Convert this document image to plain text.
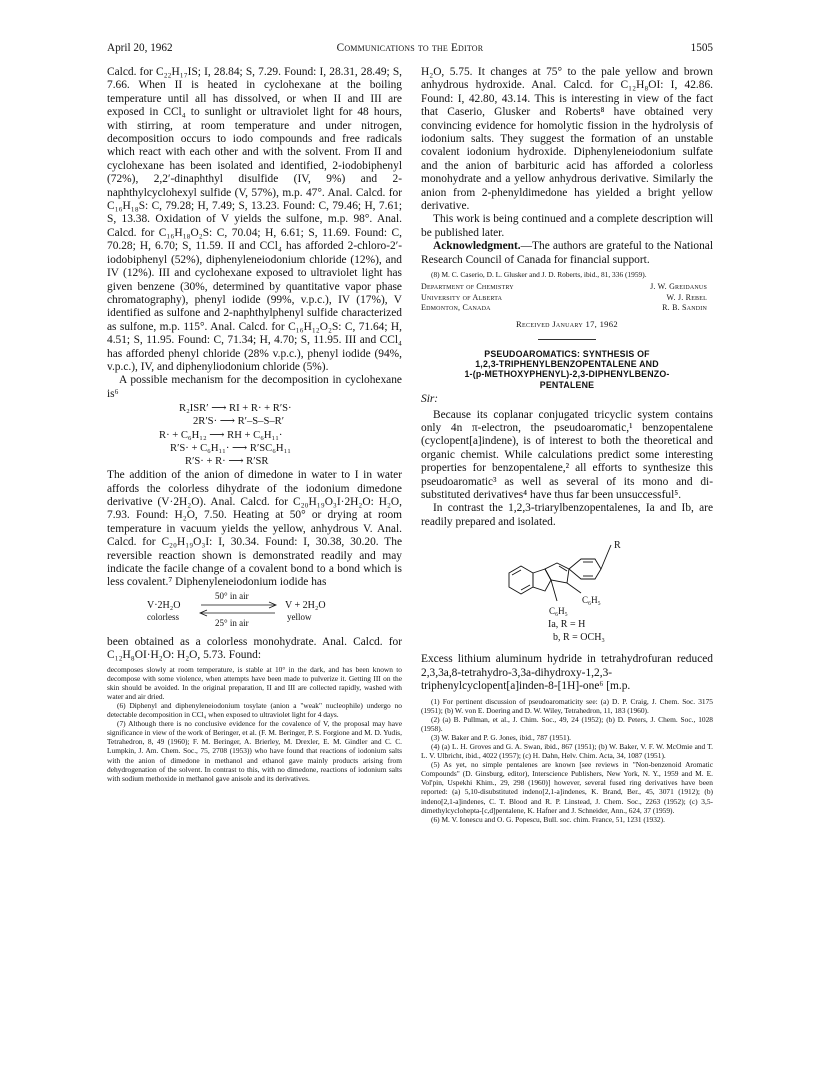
April 20, 1962	Communications to the Editor	1505

Calcd. for C₂₂H₁₇IS; I, 28.84; S, 7.29. Found: I, 28.31, 28.49; S, 7.66. When II is heated in cyclohexane at the boiling temperature until all has dissolved, or when II and III are exposed in CCl₄ to sunlight or ultraviolet light for 48 hours, with stirring, at room temperature and under nitrogen, decomposition occurs to iodo compounds and free radicals which react with each other and with the solvent. From II and cyclohexane has been isolated and identified, 2-iodobiphenyl (72%), 2,2′-dinaphthyl disulfide (IV, 9%) and 2-naphthylcyclohexyl sulfide (V, 57%), m.p. 47°. Anal. Calcd. for C₁₆H₁₈S: C, 79.28; H, 7.49; S, 13.23. Found: C, 79.46; H, 7.61; S, 13.38. Oxidation of V yields the sulfone, m.p. 98°. Anal. Calcd. for C₁₆H₁₈O₂S: C, 70.04; H, 6.61; S, 11.69. Found: C, 70.28; H, 6.70; S, 11.59. II and CCl₄ has afforded 2-chloro-2′-iodobiphenyl (52%), diphenyleneiodonium chloride (12%), and IV (12%). III and cyclohexane exposed to ultraviolet light has given benzene (30%, determined by quantitative vapor phase chromatography), phenyl iodide (99%, v.p.c.), IV (17%), V identified as sulfone and 2-naphthylphenyl sulfide characterized as sulfone, m.p. 115°. Anal. Calcd. for C₁₆H₁₂O₂S: C, 71.64; H, 4.51; S, 11.95. Found: C, 71.34; H, 4.70; S, 11.95. III and CCl₄ has afforded phenyl chloride (28% v.p.c.), phenyl iodide (94%, v.p.c.), IV, and diphenyliodonium chloride (5%).

A possible mechanism for the decomposition in cyclohexane is⁶

R₂ISR′ ⟶ RI + R· + R′S·
2R′S· ⟶ R′–S–S–R′
R· + C₆H₁₂ ⟶ RH + C₆H₁₁·
R′S· + C₆H₁₁· ⟶ R′SC₆H₁₁
R′S· + R· ⟶ R′SR

The addition of the anion of dimedone in water to I in water affords the colorless dihydrate of the iodonium dimedone derivative (V·2H₂O). Anal. Calcd. for C₂₀H₁₉O₃I·2H₂O: H₂O, 7.93. Found: H₂O, 7.50. Heating at 50° or drying at room temperature in vacuum yields the yellow, anhydrous V. Anal. Calcd. for C₂₀H₁₉O₃I: I, 30.34. Found: I, 30.38, 30.20. The reversible reaction shown is demonstrated readily and may indicate the facile change of a covalent bond to a bond which is less covalent.⁷ Diphenyleneiodonium iodide has

V·2H₂O
colorless
50° in air
25° in air
V + 2H₂O
yellow

been obtained as a colorless monohydrate. Anal. Calcd. for C₁₂H₈OI·H₂O: H₂O, 5.73. Found:

decomposes slowly at room temperature, is stable at 10° in the dark, and has been known to decompose with some violence, when attempts have been made to pulverize it. Getting III on the skin should be avoided. In the original preparation, II and III are collected rapidly, washed with water and air dried.

(6) Diphenyl and diphenyleneiodonium tosylate (anion a "weak" nucleophile) undergo no detectable decomposition in CCl₄ when exposed to ultraviolet light for 4 days.

(7) Although there is no conclusive evidence for the covalence of V, the proposal may have significance in view of the work of Beringer, et al. (F. M. Beringer, P. S. Forgione and M. D. Yudis, Tetrahedron, 8, 49 (1960); F. M. Beringer, A. Brierley, M. Drexler, E. M. Gindler and C. C. Lumpkin, J. Am. Chem. Soc., 75, 2708 (1953)) who have found that reactions of iodonium salts with the anion of dimedone in methanol and ethanol gave mainly products arising from dehydrogenation of the solvent. In contrast to this, with no dimedone, reactions of iodonium salts with sodium methoxide in methanol gave anisole and its derivatives.

H₂O, 5.75. It changes at 75° to the pale yellow and brown anhydrous hydroxide. Anal. Calcd. for C₁₂H₈OI: I, 42.86. Found: I, 42.80, 43.14. This is interesting in view of the fact that Caserio, Glusker and Roberts⁸ have obtained very convincing evidence for homolytic fission in the hydrolysis of iodonium salts. They suggest the formation of an unstable covalent iodonium hydroxide. Diphenyleneiodonium sulfate and the anion of barbituric acid has afforded a colorless monohydrate and a yellow anhydrous derivative. Similarly the anion from 2-phenyldimedone has yielded a bright yellow derivative.

This work is being continued and a complete description will be published later.

Acknowledgment.—The authors are grateful to the National Research Council of Canada for financial support.

(8) M. C. Caserio, D. L. Glusker and J. D. Roberts, ibid., 81, 336 (1959).

Department of Chemistry
University of Alberta
Edmonton, Canada
J. W. Greidanus
W. J. Rebel
R. B. Sandin
Received January 17, 1962
PSEUDOAROMATICS: SYNTHESIS OF
1,2,3-TRIPHENYLBENZOPENTALENE AND
1-(p-METHOXYPHENYL)-2,3-DIPHENYLBENZO-
PENTALENE
Sir:

Because its coplanar conjugated tricyclic system contains only 4n π-electron, the pseudoaromatic,¹ benzopentalene (cyclopent[a]indene), is of interest to both the theoretical and organic chemist. While calculations predict some interesting properties for benzopentalene,² all efforts to synthesize this pseudoaromatic³ as well as several of its mono and di-substituted derivatives⁴ have thus far been unsuccessful⁵.

In contrast the 1,2,3-triarylbenzopentalenes, Ia and Ib, are readily prepared and isolated.

R
C₆H₅
C₆H₅
Ia, R = H
b, R = OCH₃

Excess lithium aluminum hydride in tetrahydrofuran reduced 2,3,3a,8-tetrahydro-3,3a-dihydroxy-1,2,3-triphenylcyclopent[a]inden-8-[1H]-one⁶ [m.p.

(1) For pertinent discussion of pseudoaromaticity see: (a) D. P. Craig, J. Chem. Soc. 3175 (1951); (b) W. von E. Doering and D. W. Wiley, Tetrahedron, 11, 183 (1960).

(2) (a) B. Pullman, et al., J. Chim. Soc., 49, 24 (1952); (b) D. Peters, J. Chem. Soc., 1028 (1958).

(3) W. Baker and P. G. Jones, ibid., 787 (1951).

(4) (a) L. H. Groves and G. A. Swan, ibid., 867 (1951); (b) W. Baker, V. F. W. McOmie and T. L. V. Ulbricht, ibid., 4022 (1957); (c) H. Dahn, Helv. Chim. Acta, 34, 1087 (1951).

(5) As yet, no simple pentalenes are known [see reviews in "Non-benzenoid Aromatic Compounds" (D. Ginsburg, editor), Interscience Publishers, New York, N. Y., 1959 and M. E. Vol'pin, Uspekhi Khim., 29, 298 (1960)] however, several fused ring derivatives have been reported: (a) 5,10-disubstituted indeno[2,1-a]indenes, K. Brand, Ber., 45, 3071 (1912); (b) indeno[2,1-a]indenes, C. T. Blood and R. P. Linstead, J. Chem. Soc., 2263 (1952); (c) 3,5-dimethylcyclohepta-[c,d]pentalene, K. Hafner and J. Schneider, Ann., 624, 37 (1959).

(6) M. V. Ionescu and O. G. Popescu, Bull. soc. chim. France, 51, 1231 (1932).
